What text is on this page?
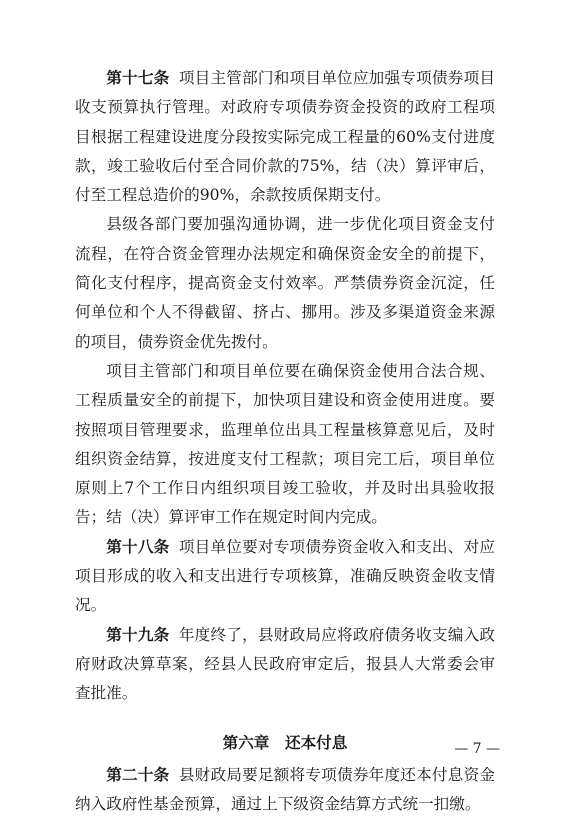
第十七条 项目主管部门和项目单位应加强专项债券项目收支预算执行管理。对政府专项债券资金投资的政府工程项目根据工程建设进度分段按实际完成工程量的60%支付进度款，竣工验收后付至合同价款的75%，结（决）算评审后，付至工程总造价的90%，余款按质保期支付。

县级各部门要加强沟通协调，进一步优化项目资金支付流程，在符合资金管理办法规定和确保资金安全的前提下，简化支付程序，提高资金支付效率。严禁债券资金沉淀，任何单位和个人不得截留、挤占、挪用。涉及多渠道资金来源的项目，债券资金优先拨付。

项目主管部门和项目单位要在确保资金使用合法合规、工程质量安全的前提下，加快项目建设和资金使用进度。要按照项目管理要求，监理单位出具工程量核算意见后，及时组织资金结算，按进度支付工程款；项目完工后，项目单位原则上7个工作日内组织项目竣工验收，并及时出具验收报告；结（决）算评审工作在规定时间内完成。

第十八条 项目单位要对专项债券资金收入和支出、对应项目形成的收入和支出进行专项核算，准确反映资金收支情况。

第十九条 年度终了，县财政局应将政府债务收支编入政府财政决算草案，经县人民政府审定后，报县人大常委会审查批准。

第六章　还本付息

第二十条 县财政局要足额将专项债券年度还本付息资金纳入政府性基金预算，通过上下级资金结算方式统一扣缴。

— 7 —
